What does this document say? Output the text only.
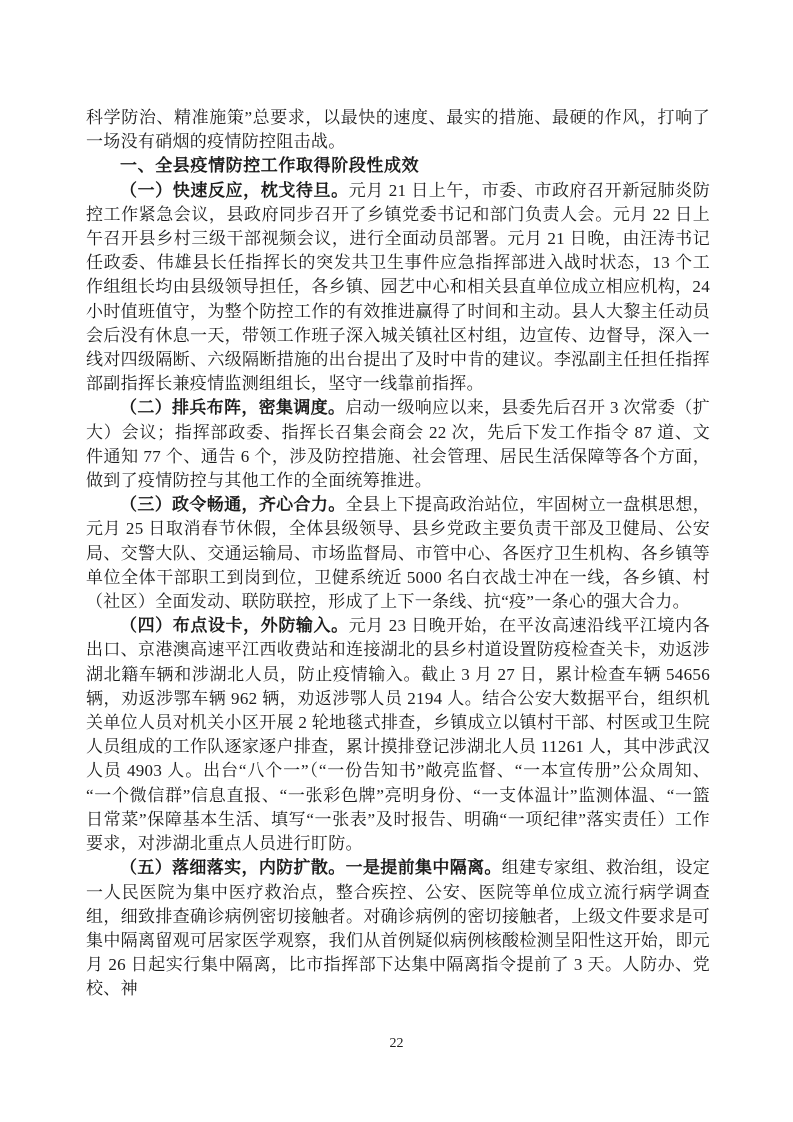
科学防治、精准施策”总要求，以最快的速度、最实的措施、最硬的作风，打响了一场没有硝烟的疫情防控阻击战。

一、全县疫情防控工作取得阶段性成效

（一）快速反应，枕戈待旦。元月 21 日上午，市委、市政府召开新冠肺炎防控工作紧急会议，县政府同步召开了乡镇党委书记和部门负责人会。元月 22 日上午召开县乡村三级干部视频会议，进行全面动员部署。元月 21 日晚，由汪涛书记任政委、伟雄县长任指挥长的突发共卫生事件应急指挥部进入战时状态，13 个工作组组长均由县级领导担任，各乡镇、园艺中心和相关县直单位成立相应机构，24 小时值班值守，为整个防控工作的有效推进赢得了时间和主动。县人大黎主任动员会后没有休息一天，带领工作班子深入城关镇社区村组，边宣传、边督导，深入一线对四级隔断、六级隔断措施的出台提出了及时中肯的建议。李泓副主任担任指挥部副指挥长兼疫情监测组组长，坚守一线靠前指挥。

（二）排兵布阵，密集调度。启动一级响应以来，县委先后召开 3 次常委（扩大）会议；指挥部政委、指挥长召集会商会 22 次，先后下发工作指令 87 道、文件通知 77 个、通告 6 个，涉及防控措施、社会管理、居民生活保障等各个方面，做到了疫情防控与其他工作的全面统筹推进。

（三）政令畅通，齐心合力。全县上下提高政治站位，牢固树立一盘棋思想，元月 25 日取消春节休假，全体县级领导、县乡党政主要负责干部及卫健局、公安局、交警大队、交通运输局、市场监督局、市管中心、各医疗卫生机构、各乡镇等单位全体干部职工到岗到位，卫健系统近 5000 名白衣战士冲在一线，各乡镇、村（社区）全面发动、联防联控，形成了上下一条线、抗“疫”一条心的强大合力。

（四）布点设卡，外防输入。元月 23 日晚开始，在平汝高速沿线平江境内各出口、京港澳高速平江西收费站和连接湖北的县乡村道设置防疫检查关卡，劝返涉湖北籍车辆和涉湖北人员，防止疫情输入。截止 3 月 27 日，累计检查车辆 54656 辆，劝返涉鄂车辆 962 辆，劝返涉鄂人员 2194 人。结合公安大数据平台，组织机关单位人员对机关小区开展 2 轮地毯式排查，乡镇成立以镇村干部、村医或卫生院人员组成的工作队逐家逐户排查，累计摸排登记涉湖北人员 11261 人，其中涉武汉人员 4903 人。出台“八个一”（“一份告知书”敞亮监督、“一本宣传册”公众周知、“一个微信群”信息直报、“一张彩色牌”亮明身份、“一支体温计”监测体温、“一篮日常菜”保障基本生活、填写“一张表”及时报告、明确“一项纪律”落实责任）工作要求，对涉湖北重点人员进行盯防。

（五）落细落实，内防扩散。一是提前集中隔离。组建专家组、救治组，设定一人民医院为集中医疗救治点，整合疾控、公安、医院等单位成立流行病学调查组，细致排查确诊病例密切接触者。对确诊病例的密切接触者，上级文件要求是可集中隔离留观可居家医学观察，我们从首例疑似病例核酸检测呈阳性这开始，即元月 26 日起实行集中隔离，比市指挥部下达集中隔离指令提前了 3 天。人防办、党校、神

22
